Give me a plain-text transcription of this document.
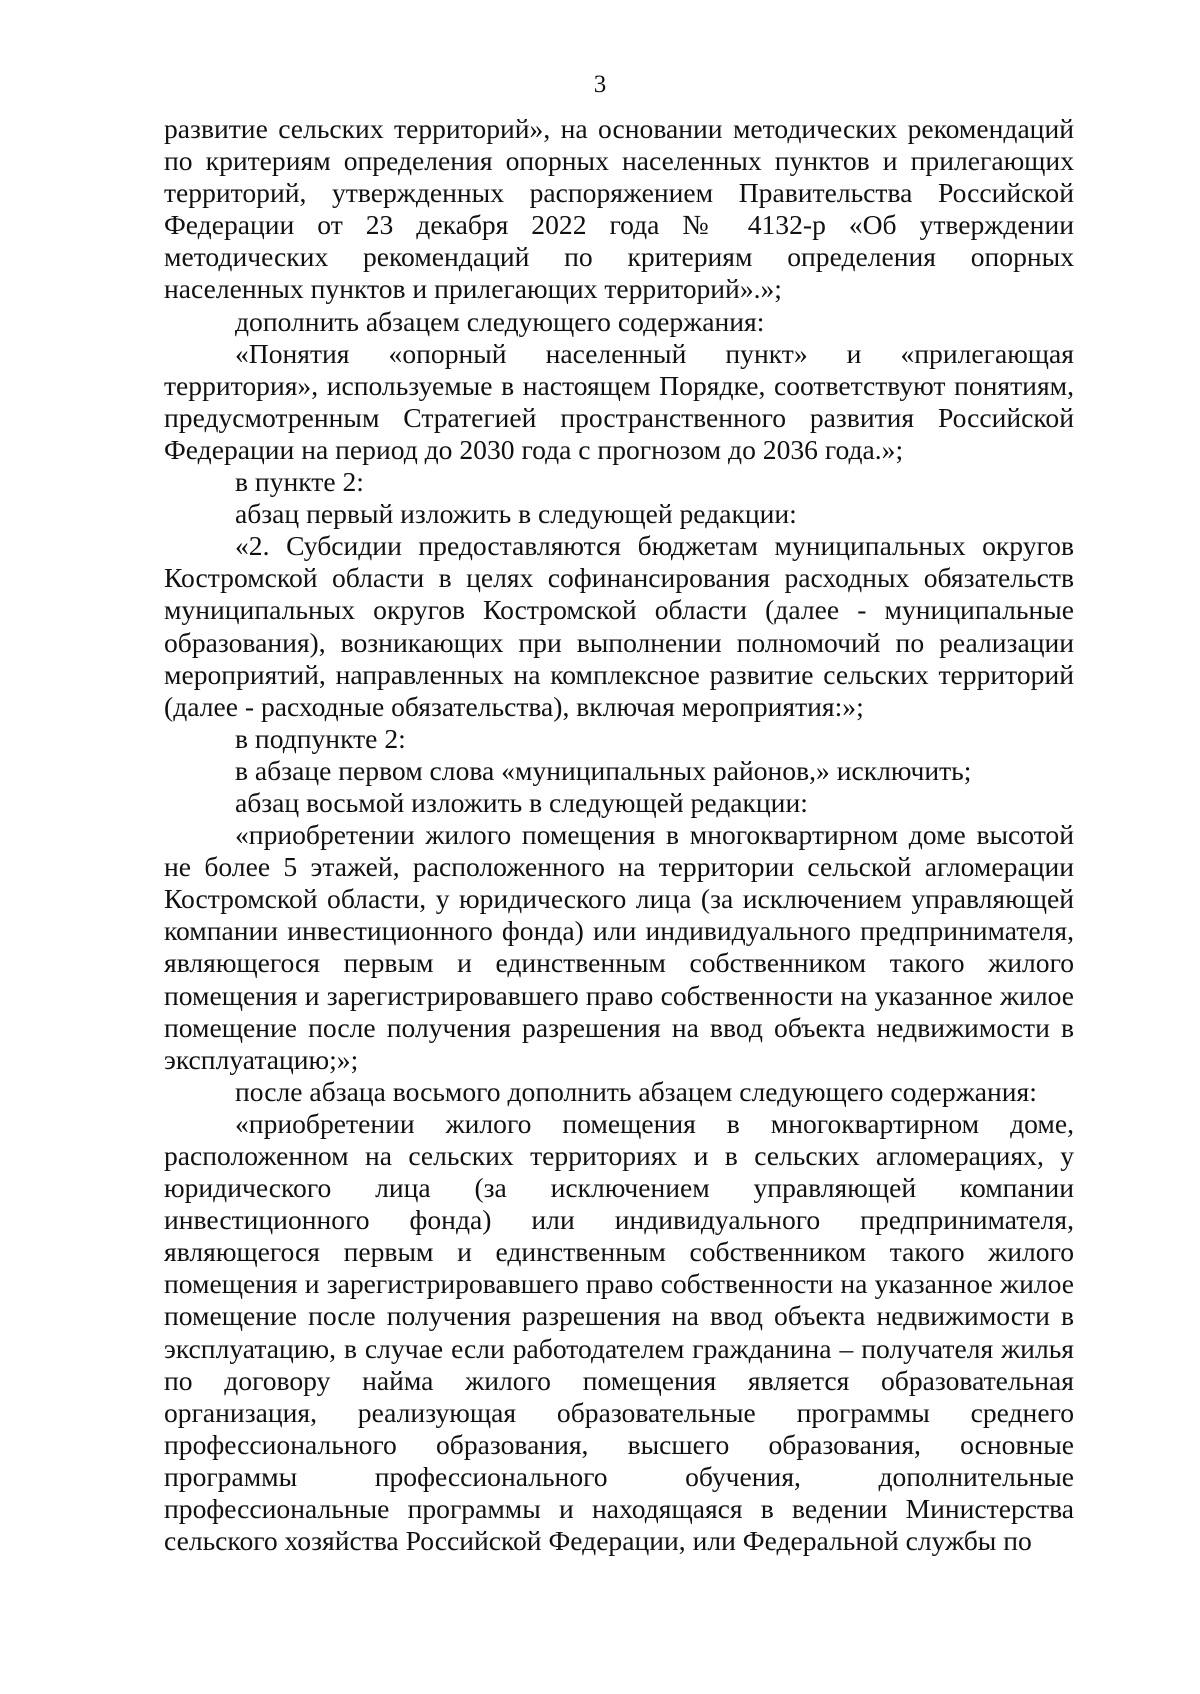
3

развитие сельских территорий», на основании методических рекомендаций по критериям определения опорных населенных пунктов и прилегающих территорий, утвержденных распоряжением Правительства Российской Федерации от 23 декабря 2022 года № 4132-р «Об утверждении методических рекомендаций по критериям определения опорных населенных пунктов и прилегающих территорий».»;

дополнить абзацем следующего содержания:

«Понятия «опорный населенный пункт» и «прилегающая территория», используемые в настоящем Порядке, соответствуют понятиям, предусмотренным Стратегией пространственного развития Российской Федерации на период до 2030 года с прогнозом до 2036 года.»;

в пункте 2:

абзац первый изложить в следующей редакции:

«2. Субсидии предоставляются бюджетам муниципальных округов Костромской области в целях софинансирования расходных обязательств муниципальных округов Костромской области (далее - муниципальные образования), возникающих при выполнении полномочий по реализации мероприятий, направленных на комплексное развитие сельских территорий (далее - расходные обязательства), включая мероприятия:»;

в подпункте 2:

в абзаце первом слова «муниципальных районов,» исключить;

абзац восьмой изложить в следующей редакции:

«приобретении жилого помещения в многоквартирном доме высотой не более 5 этажей, расположенного на территории сельской агломерации Костромской области, у юридического лица (за исключением управляющей компании инвестиционного фонда) или индивидуального предпринимателя, являющегося первым и единственным собственником такого жилого помещения и зарегистрировавшего право собственности на указанное жилое помещение после получения разрешения на ввод объекта недвижимости в эксплуатацию;»;

после абзаца восьмого дополнить абзацем следующего содержания:

«приобретении жилого помещения в многоквартирном доме, расположенном на сельских территориях и в сельских агломерациях, у юридического лица (за исключением управляющей компании инвестиционного фонда) или индивидуального предпринимателя, являющегося первым и единственным собственником такого жилого помещения и зарегистрировавшего право собственности на указанное жилое помещение после получения разрешения на ввод объекта недвижимости в эксплуатацию, в случае если работодателем гражданина – получателя жилья по договору найма жилого помещения является образовательная организация, реализующая образовательные программы среднего профессионального образования, высшего образования, основные программы профессионального обучения, дополнительные профессиональные программы и находящаяся в ведении Министерства сельского хозяйства Российской Федерации, или Федеральной службы по
